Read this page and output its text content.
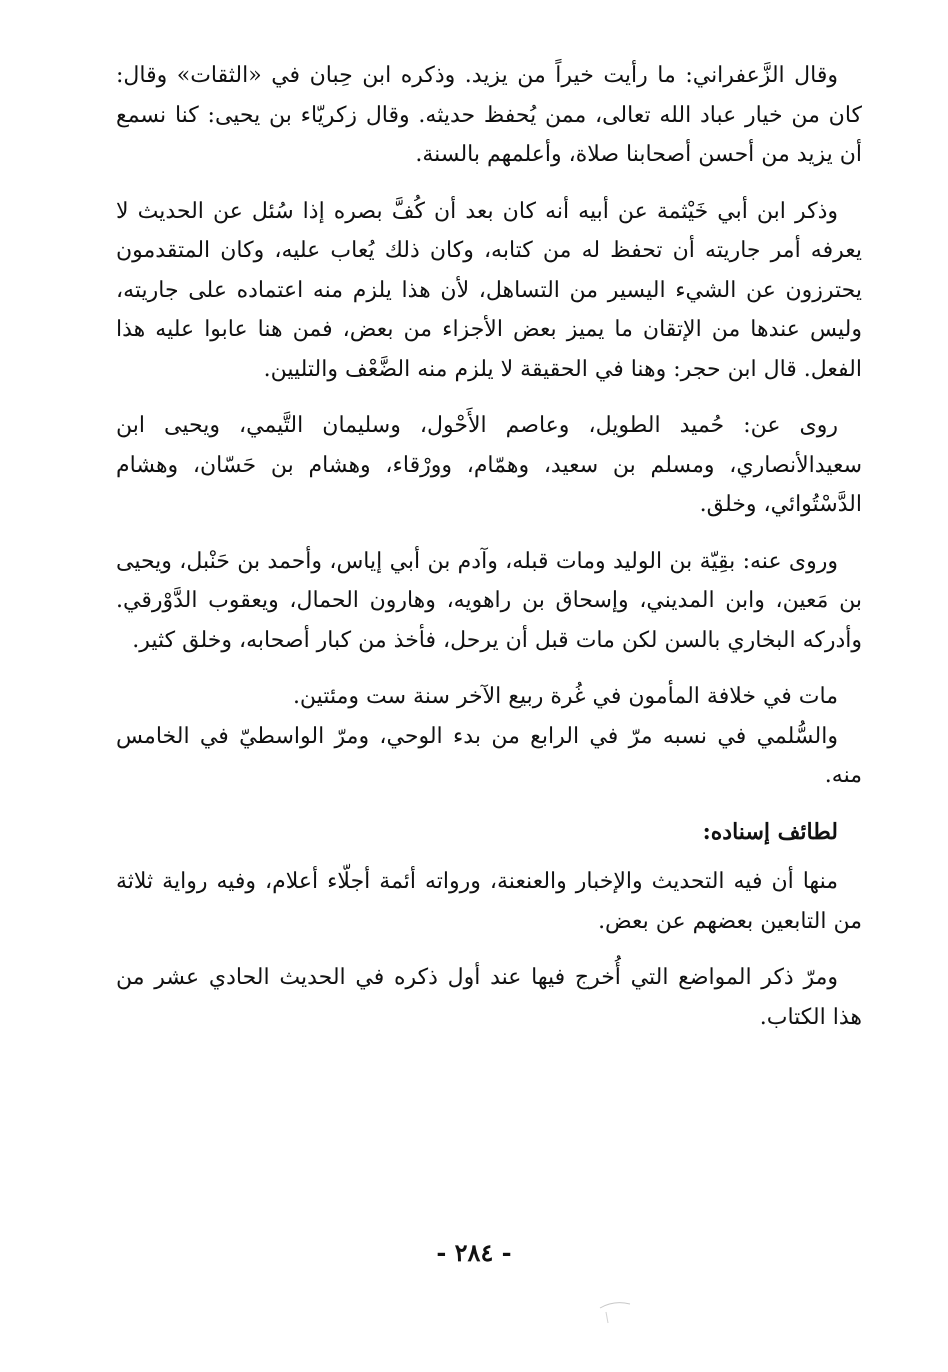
وقال الزَّعفراني: ما رأيت خيراً من يزيد. وذكره ابن حِبان في «الثقات» وقال: كان من خيار عباد الله تعالى، ممن يُحفظ حديثه. وقال زكريّاء بن يحيى: كنا نسمع أن يزيد من أحسن أصحابنا صلاة، وأعلمهم بالسنة.

وذكر ابن أبي خَيْثمة عن أبيه أنه كان بعد أن كُفَّ بصره إذا سُئل عن الحديث لا يعرفه أمر جاريته أن تحفظ له من كتابه، وكان ذلك يُعاب عليه، وكان المتقدمون يحترزون عن الشيء اليسير من التساهل، لأن هذا يلزم منه اعتماده على جاريته، وليس عندها من الإتقان ما يميز بعض الأجزاء من بعض، فمن هنا عابوا عليه هذا الفعل. قال ابن حجر: وهنا في الحقيقة لا يلزم منه الضَّعْف والتليين.

روى عن: حُميد الطويل، وعاصم الأَحْول، وسليمان التَّيمي، ويحيى ابن سعيدالأنصاري، ومسلم بن سعيد، وهمّام، وورْقاء، وهشام بن حَسّان، وهشام الدَّسْتُوائي، وخلق.

وروى عنه: بقِيّة بن الوليد ومات قبله، وآدم بن أبي إياس، وأحمد بن حَنْبل، ويحيى بن مَعين، وابن المديني، وإسحاق بن راهويه، وهارون الحمال، ويعقوب الدَّوْرقي. وأدركه البخاري بالسن لكن مات قبل أن يرحل، فأخذ من كبار أصحابه، وخلق كثير.

مات في خلافة المأمون في غُرة ربيع الآخر سنة ست ومئتين.

والسُّلمي في نسبه مرّ في الرابع من بدء الوحي، ومرّ الواسطيّ في الخامس منه.

لطائف إسناده:

منها أن فيه التحديث والإخبار والعنعنة، ورواته أئمة أجلّاء أعلام، وفيه رواية ثلاثة من التابعين بعضهم عن بعض.

ومرّ ذكر المواضع التي أُخرج فيها عند أول ذكره في الحديث الحادي عشر من هذا الكتاب.

- ٢٨٤ -
